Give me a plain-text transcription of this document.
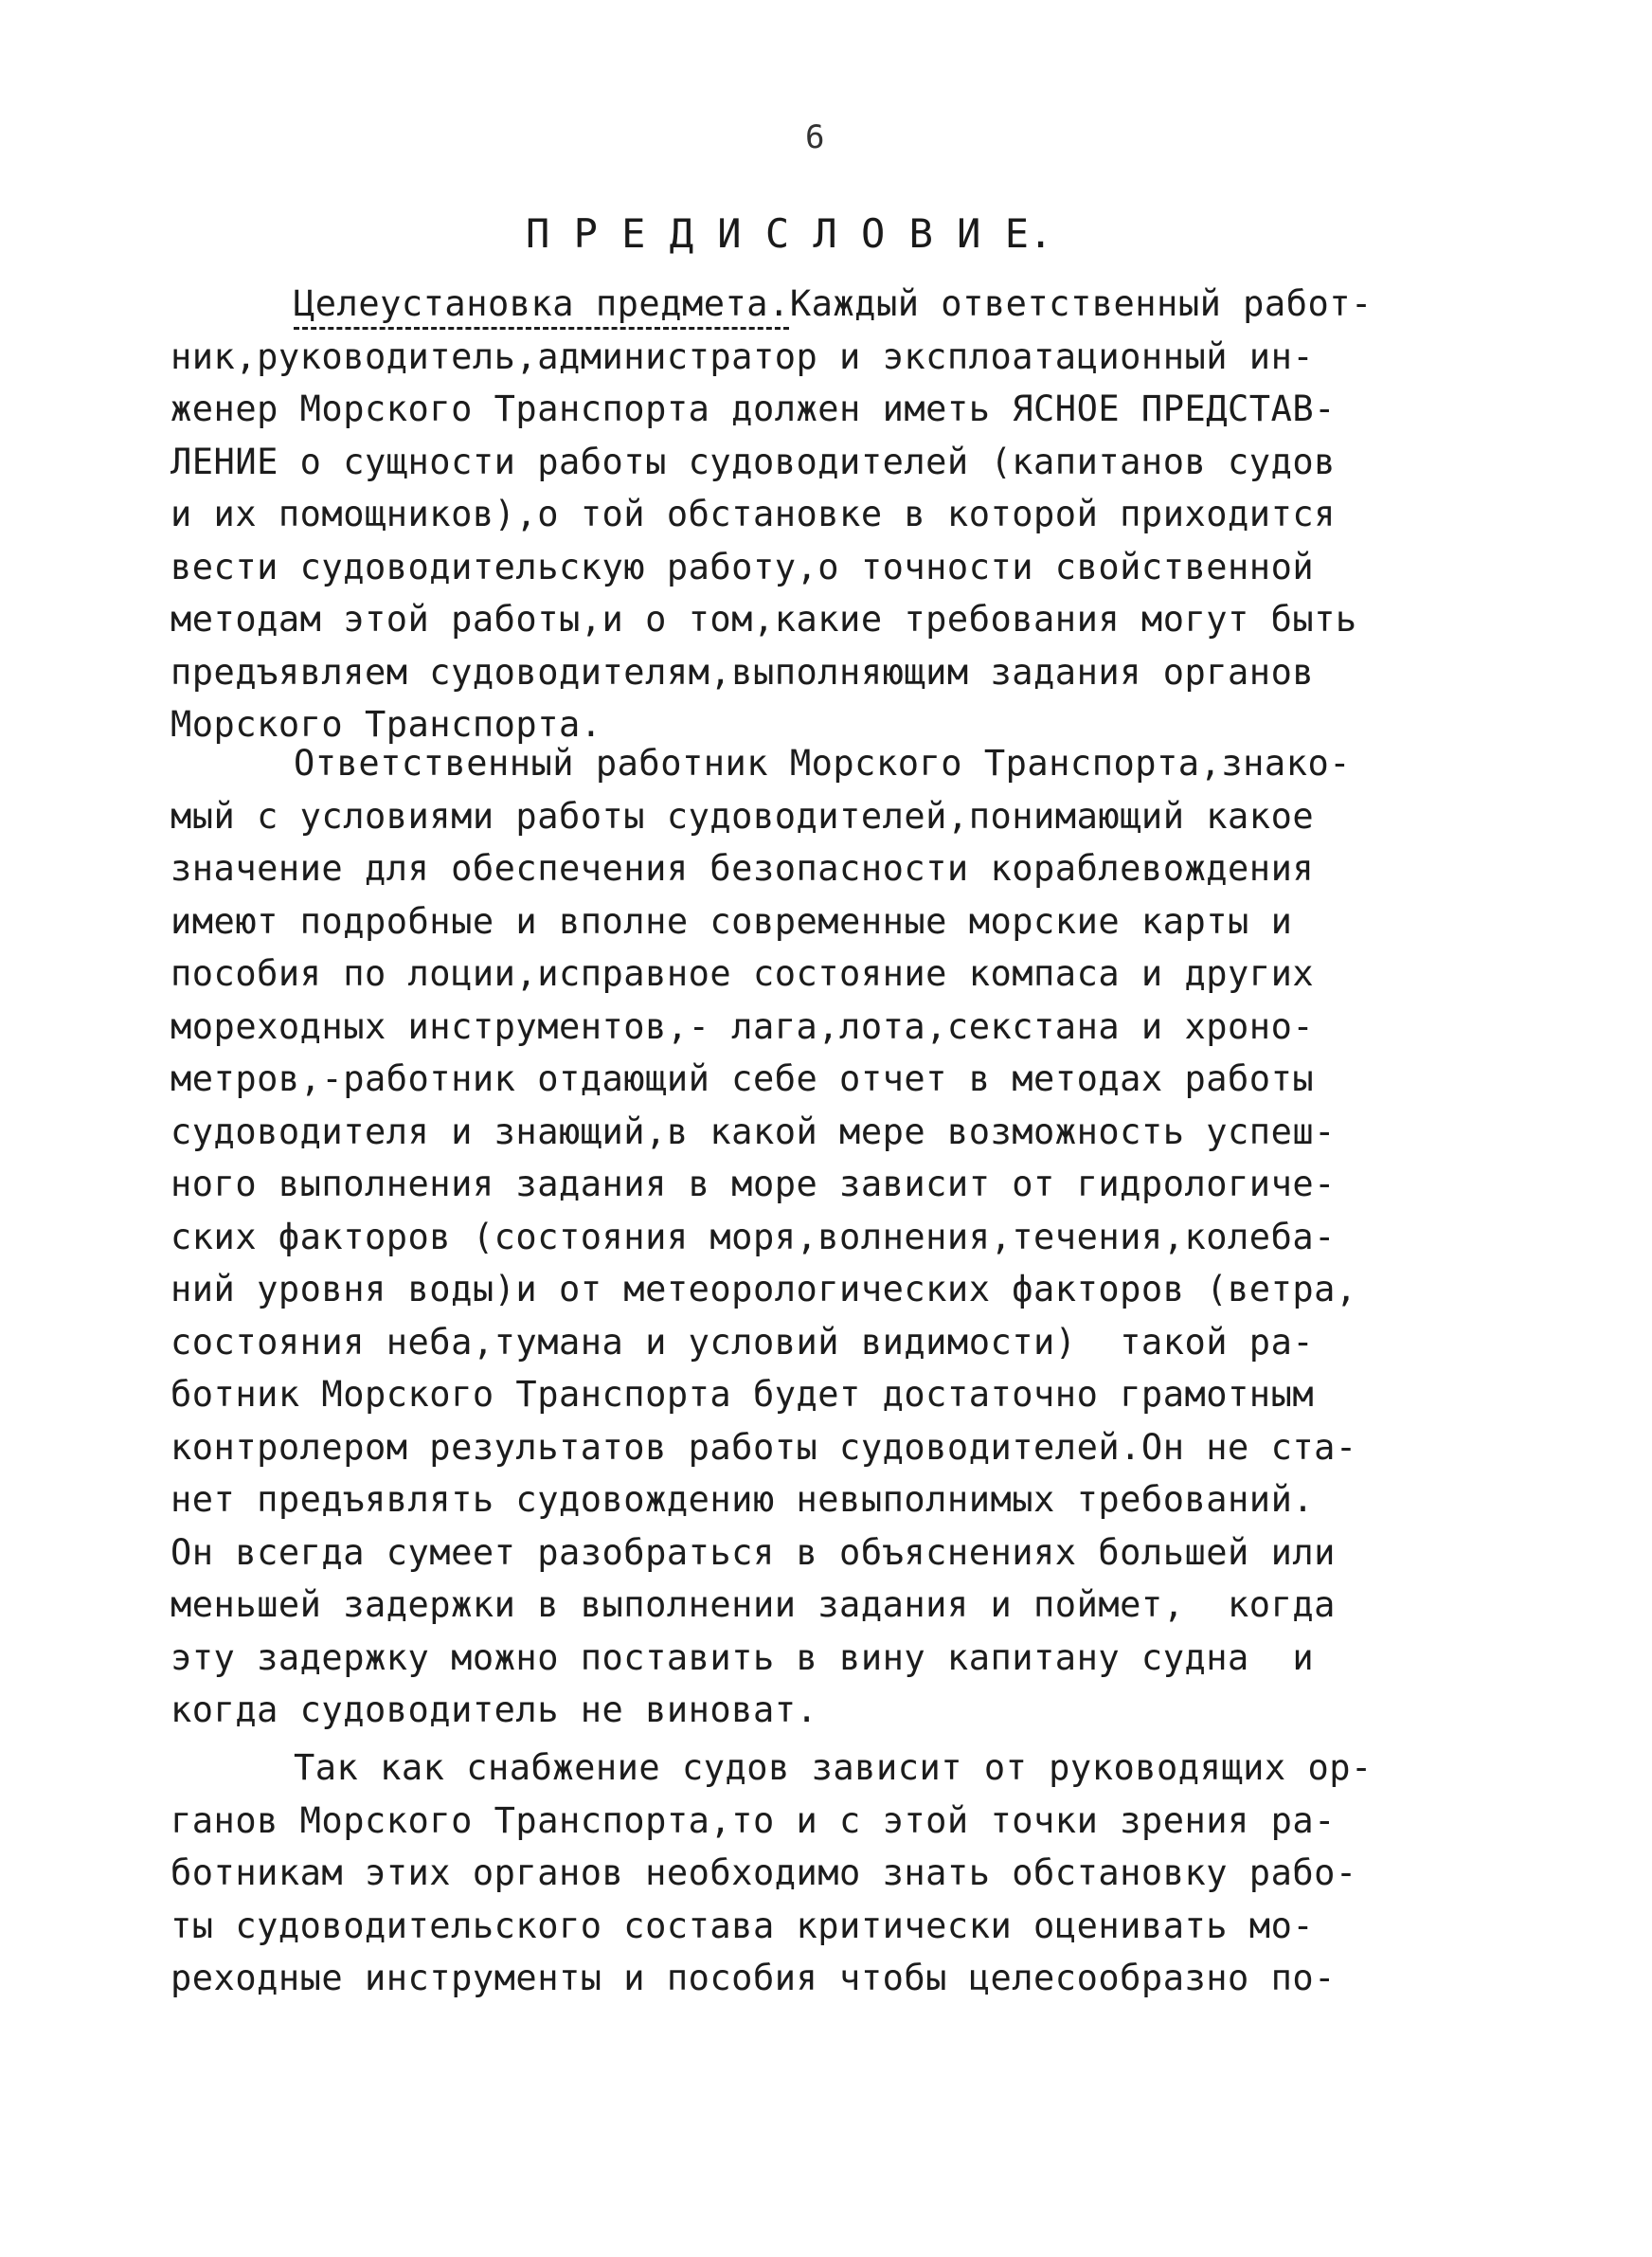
6
П Р Е Д И С Л О В И Е.
Целеустановка предмета.Каждый ответственный работ-
ник,руководитель,администратор и эксплоатационный ин-
женер Морского Транспорта должен иметь ЯСНОЕ ПРЕДСТАВ-
ЛЕНИЕ о сущности работы судоводителей (капитанов судов
и их помощников),о той обстановке в которой приходится
вести судоводительскую работу,о точности свойственной
методам этой работы,и о том,какие требования могут быть
предъявляем судоводителям,выполняющим задания органов
Морского Транспорта.
Ответственный работник Морского Транспорта,знако-
мый с условиями работы судоводителей,понимающий какое
значение для обеспечения безопасности кораблевождения
имеют подробные и вполне современные морские карты и
пособия по лоции,исправное состояние компаса и других
мореходных инструментов,- лага,лота,секстана и хроно-
метров,-работник отдающий себе отчет в методах работы
судоводителя и знающий,в какой мере возможность успеш-
ного выполнения задания в море зависит от гидрологиче-
ских факторов (состояния моря,волнения,течения,колеба-
ний уровня воды)и от метеорологических факторов (ветра,
состояния неба,тумана и условий видимости)  такой ра-
ботник Морского Транспорта будет достаточно грамотным
контролером результатов работы судоводителей.Он не ста-
нет предъявлять судовождению невыполнимых требований.
Он всегда сумеет разобраться в объяснениях большей или
меньшей задержки в выполнении задания и поймет,  когда
эту задержку можно поставить в вину капитану судна  и
когда судоводитель не виноват.
Так как снабжение судов зависит от руководящих ор-
ганов Морского Транспорта,то и с этой точки зрения ра-
ботникам этих органов необходимо знать обстановку рабо-
ты судоводительского состава критически оценивать мо-
реходные инструменты и пособия чтобы целесообразно по-
